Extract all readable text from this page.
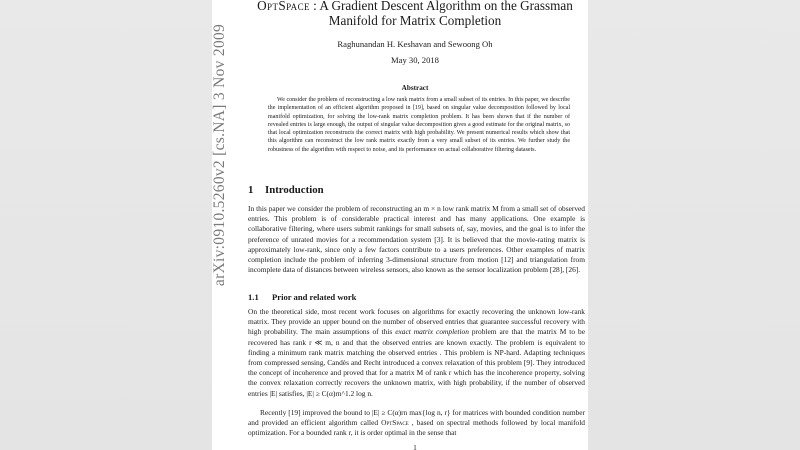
OptSpace : A Gradient Descent Algorithm on the Grassman
Manifold for Matrix Completion
Raghunandan H. Keshavan and Sewoong Oh
May 30, 2018
Abstract
We consider the problem of reconstructing a low rank matrix from a small subset of its entries. In this paper, we describe the implementation of an efficient algorithm proposed in [19], based on singular value decomposition followed by local manifold optimization, for solving the low-rank matrix completion problem. It has been shown that if the number of revealed entries is large enough, the output of singular value decomposition gives a good estimate for the original matrix, so that local optimization reconstructs the correct matrix with high probability. We present numerical results which show that this algorithm can reconstruct the low rank matrix exactly from a very small subset of its entries. We further study the robustness of the algorithm with respect to noise, and its performance on actual collaborative filtering datasets.
1 Introduction
In this paper we consider the problem of reconstructing an m × n low rank matrix M from a small set of observed entries. This problem is of considerable practical interest and has many applications. One example is collaborative filtering, where users submit rankings for small subsets of, say, movies, and the goal is to infer the preference of unrated movies for a recommendation system [3]. It is believed that the movie-rating matrix is approximately low-rank, since only a few factors contribute to a users preferences. Other examples of matrix completion include the problem of inferring 3-dimensional structure from motion [12] and triangulation from incomplete data of distances between wireless sensors, also known as the sensor localization problem [28], [26].
1.1 Prior and related work
On the theoretical side, most recent work focuses on algorithms for exactly recovering the unknown low-rank matrix. They provide an upper bound on the number of observed entries that guarantee successful recovery with high probability. The main assumptions of this exact matrix completion problem are that the matrix M to be recovered has rank r ≪ m, n and that the observed entries are known exactly. The problem is equivalent to finding a minimum rank matrix matching the observed entries . This problem is NP-hard. Adapting techniques from compressed sensing, Candès and Recht introduced a convex relaxation of this problem [9]. They introduced the concept of incoherence and proved that for a matrix M of rank r which has the incoherence property, solving the convex relaxation correctly recovers the unknown matrix, with high probability, if the number of observed entries |E| satisfies, |E| ≥ C(α)rn^1.2 log n.
Recently [19] improved the bound to |E| ≥ C(α)rn max{log n, r} for matrices with bounded condition number and provided an efficient algorithm called OptSpace , based on spectral methods followed by local manifold optimization. For a bounded rank r, it is order optimal in the sense that
1
arXiv:0910.5260v2 [cs.NA] 3 Nov 2009
